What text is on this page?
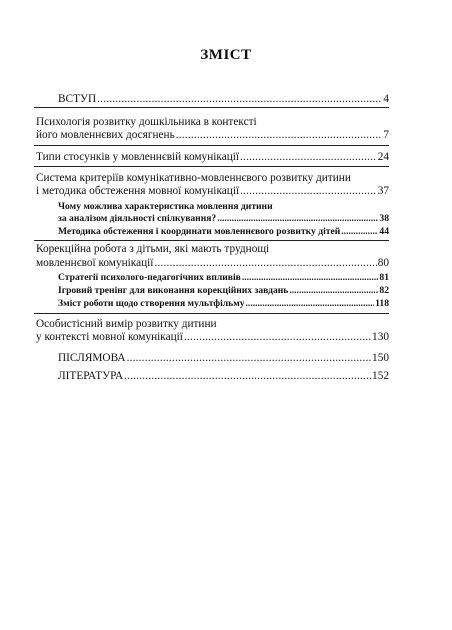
ЗМІСТ
ВСТУП .....	4
Психологія розвитку дошкільника в контексті
його мовленнєвих досягнень .....	7
Типи стосунків у мовленнєвій комунікації .....	24
Система критеріїв комунікативно-мовленнєвого розвитку дитини
і методика обстеження мовної комунікації .....	37
Чому можлива характеристика мовлення дитини
за аналізом діяльності спілкування? .....	38
Методика обстеження і координати мовленнєвого розвитку дітей .....	44
Корекційна робота з дітьми, які мають труднощі
мовленнєвої комунікації .....	80
Стратегії психолого-педагогічних впливів .....	81
Ігровий тренінг для виконання корекційних завдань .....	82
Зміст роботи щодо створення мультфільму .....	118
Особистісний вимір розвитку дитини
у контексті мовної комунікації .....	130
ПІСЛЯМОВА .....	150
ЛІТЕРАТУРА .....	152
